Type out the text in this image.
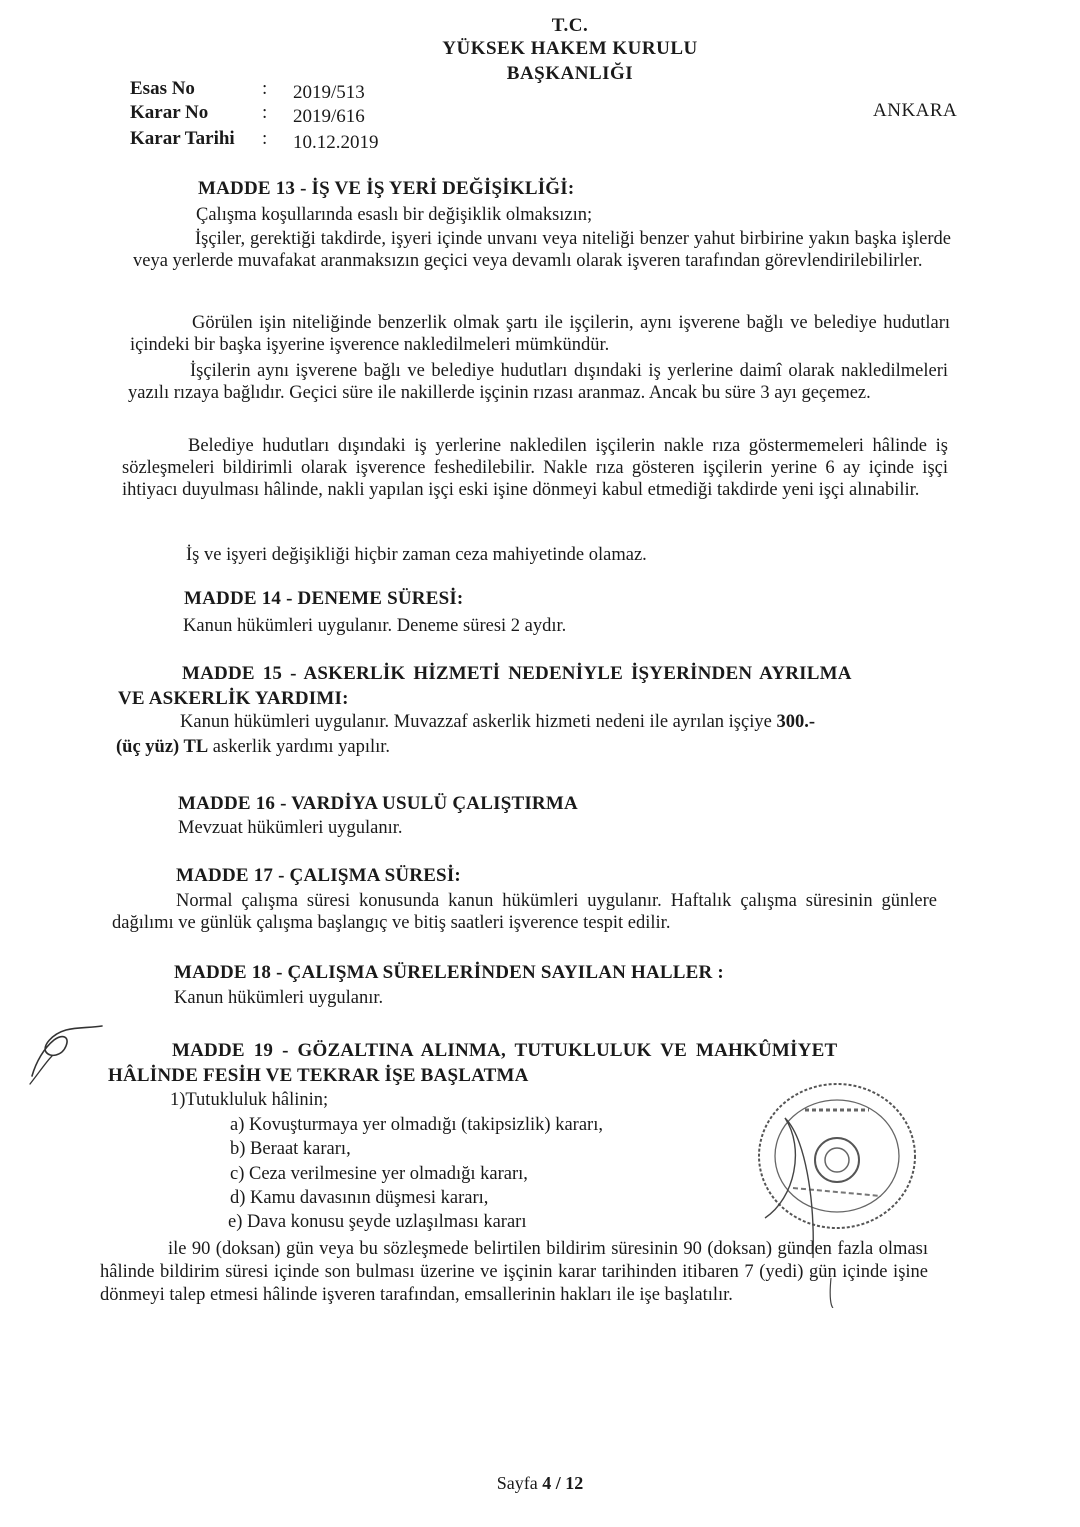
T.C.
YÜKSEK HAKEM KURULU
BAŞKANLIĞI
ANKARA
Esas No	: 2019/513
Karar No	: 2019/616
Karar Tarihi : 10.12.2019
MADDE 13 - İŞ VE İŞ YERİ DEĞİŞİKLİĞİ:
Çalışma koşullarında esaslı bir değişiklik olmaksızın;
İşçiler, gerektiği takdirde, işyeri içinde unvanı veya niteliği benzer yahut birbirine yakın başka işlerde veya yerlerde muvafakat aranmaksızın geçici veya devamlı olarak işveren tarafından görevlendirilebilirler.
Görülen işin niteliğinde benzerlik olmak şartı ile işçilerin, aynı işverene bağlı ve belediye hudutları içindeki bir başka işyerine işverence nakledilmeleri mümkündür.
İşçilerin aynı işverene bağlı ve belediye hudutları dışındaki iş yerlerine daimî olarak nakledilmeleri yazılı rızaya bağlıdır. Geçici süre ile nakillerde işçinin rızası aranmaz. Ancak bu süre 3 ayı geçemez.
Belediye hudutları dışındaki iş yerlerine nakledilen işçilerin nakle rıza göstermemeleri hâlinde iş sözleşmeleri bildirimli olarak işverence feshedilebilir. Nakle rıza gösteren işçilerin yerine 6 ay içinde işçi ihtiyacı duyulması hâlinde, nakli yapılan işçi eski işine dönmeyi kabul etmediği takdirde yeni işçi alınabilir.
İş ve işyeri değişikliği hiçbir zaman ceza mahiyetinde olamaz.
MADDE 14 - DENEME SÜRESİ:
Kanun hükümleri uygulanır. Deneme süresi 2 aydır.
MADDE 15 - ASKERLİK HİZMETİ NEDENİYLE İŞYERİNDEN AYRILMA
VE ASKERLİK YARDIMI:
Kanun hükümleri uygulanır. Muvazzaf askerlik hizmeti nedeni ile ayrılan işçiye 300.-
(üç yüz) TL askerlik yardımı yapılır.
MADDE 16 - VARDİYA USULÜ ÇALIŞTIRMA
Mevzuat hükümleri uygulanır.
MADDE 17 - ÇALIŞMA SÜRESİ:
Normal çalışma süresi konusunda kanun hükümleri uygulanır. Haftalık çalışma süresinin günlere dağılımı ve günlük çalışma başlangıç ve bitiş saatleri işverence tespit edilir.
MADDE 18 - ÇALIŞMA SÜRELERİNDEN SAYILAN HALLER :
Kanun hükümleri uygulanır.
MADDE 19 - GÖZALTINA ALINMA, TUTUKLULUK VE MAHKÛMİYET
HÂLİNDE FESİH VE TEKRAR İŞE BAŞLATMA
1)Tutukluluk hâlinin;
a) Kovuşturmaya yer olmadığı (takipsizlik) kararı,
b) Beraat kararı,
c) Ceza verilmesine yer olmadığı kararı,
d) Kamu davasının düşmesi kararı,
e) Dava konusu şeyde uzlaşılması kararı
ile 90 (doksan) gün veya bu sözleşmede belirtilen bildirim süresinin 90 (doksan) günden fazla olması hâlinde bildirim süresi içinde son bulması üzerine ve işçinin karar tarihinden itibaren 7 (yedi) gün içinde işine dönmeyi talep etmesi hâlinde işveren tarafından, emsallerinin hakları ile işe başlatılır.
Sayfa 4 / 12
